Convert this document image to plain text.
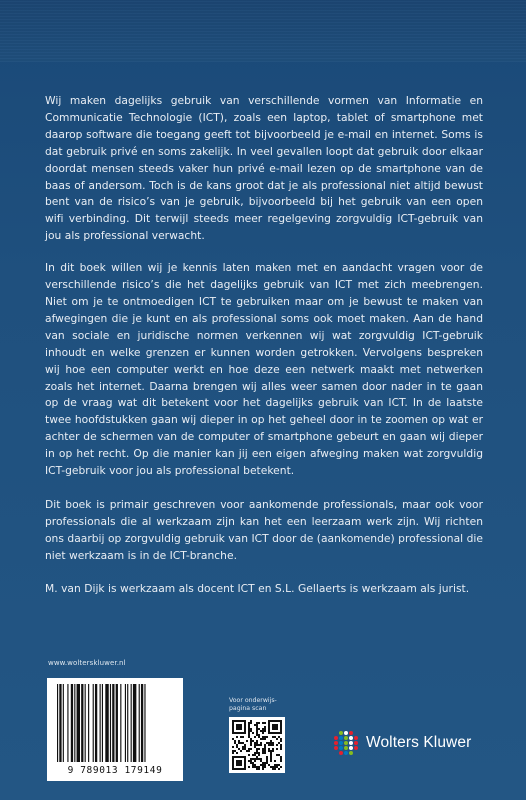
Wij maken dagelijks gebruik van verschillende vormen van Informatie en Communicatie Technologie (ICT), zoals een laptop, tablet of smartphone met daarop software die toegang geeft tot bijvoorbeeld je e-mail en internet. Soms is dat gebruik privé en soms zakelijk. In veel gevallen loopt dat gebruik door elkaar doordat mensen steeds vaker hun privé e-mail lezen op de smartphone van de baas of andersom. Toch is de kans groot dat je als professional niet altijd bewust bent van de risico’s van je gebruik, bijvoorbeeld bij het gebruik van een open wifi verbinding. Dit terwijl steeds meer regelgeving zorgvuldig ICT-gebruik van jou als professional verwacht.

In dit boek willen wij je kennis laten maken met en aandacht vragen voor de verschillende risico’s die het dagelijks gebruik van ICT met zich meebrengen. Niet om je te ontmoedigen ICT te gebruiken maar om je bewust te maken van afwegingen die je kunt en als professional soms ook moet maken. Aan de hand van sociale en juridische normen verkennen wij wat zorgvuldig ICT-gebruik inhoudt en welke grenzen er kunnen worden getrokken. Vervolgens bespreken wij hoe een computer werkt en hoe deze een netwerk maakt met netwerken zoals het internet. Daarna brengen wij alles weer samen door nader in te gaan op de vraag wat dit betekent voor het dagelijks gebruik van ICT. In de laatste twee hoofdstukken gaan wij dieper in op het geheel door in te zoomen op wat er achter de schermen van de computer of smartphone gebeurt en gaan wij dieper in op het recht. Op die manier kan jij een eigen afweging maken wat zorgvuldig ICT-gebruik voor jou als professional betekent.

Dit boek is primair geschreven voor aankomende professionals, maar ook voor professionals die al werkzaam zijn kan het een leerzaam werk zijn. Wij richten ons daarbij op zorgvuldig gebruik van ICT door de (aankomende) professional die niet werkzaam is in de ICT-branche.

M. van Dijk is werkzaam als docent ICT en S.L. Gellaerts is werkzaam als jurist.

www.wolterskluwer.nl
9 789013 179149
Voor onderwijs-
pagina scan
Wolters Kluwer
